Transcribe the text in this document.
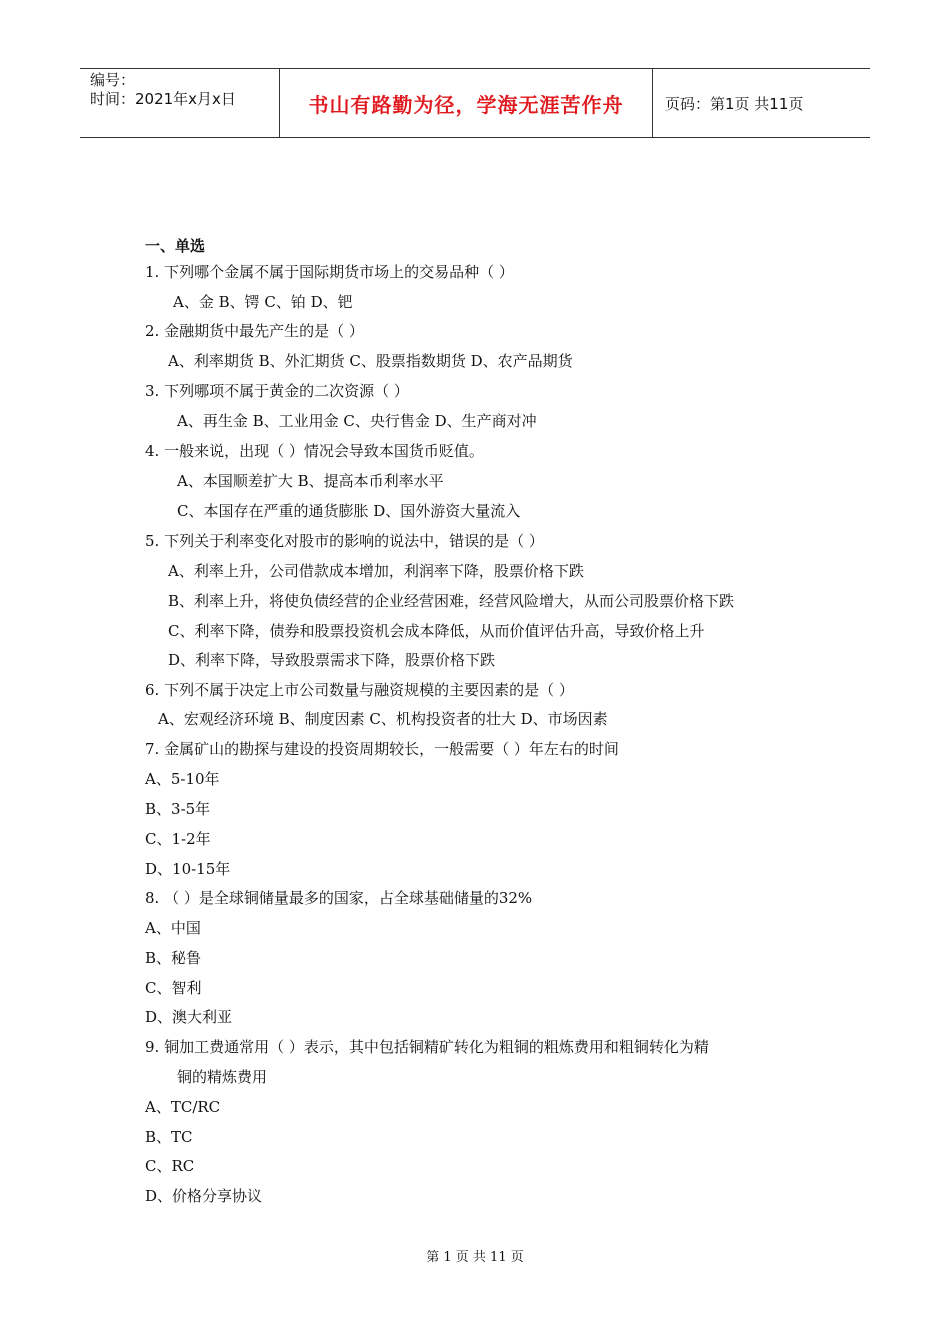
编号：
时间：2021年x月x日	书山有路勤为径，学海无涯苦作舟	页码：第1页 共11页
一、单选
1. 下列哪个金属不属于国际期货市场上的交易品种（ ）
A、金 B、锷 C、铂 D、钯
2. 金融期货中最先产生的是（ ）
A、利率期货 B、外汇期货 C、股票指数期货 D、农产品期货
3. 下列哪项不属于黄金的二次资源（ ）
A、再生金 B、工业用金 C、央行售金 D、生产商对冲
4. 一般来说，出现（ ）情况会导致本国货币贬值。
A、本国顺差扩大 B、提高本币利率水平
C、本国存在严重的通货膨胀 D、国外游资大量流入
5. 下列关于利率变化对股市的影响的说法中，错误的是（ ）
A、利率上升，公司借款成本增加，利润率下降，股票价格下跌
B、利率上升，将使负债经营的企业经营困难，经营风险增大，从而公司股票价格下跌
C、利率下降，债券和股票投资机会成本降低，从而价值评估升高，导致价格上升
D、利率下降，导致股票需求下降，股票价格下跌
6. 下列不属于决定上市公司数量与融资规模的主要因素的是（ ）
A、宏观经济环境 B、制度因素 C、机构投资者的壮大 D、市场因素
7. 金属矿山的勘探与建设的投资周期较长，一般需要（ ）年左右的时间
A、5-10年
B、3-5年
C、1-2年
D、10-15年
8. （ ）是全球铜储量最多的国家，占全球基础储量的32%
A、中国
B、秘鲁
C、智利
D、澳大利亚
9. 铜加工费通常用（ ）表示，其中包括铜精矿转化为粗铜的粗炼费用和粗铜转化为精
铜的精炼费用
A、TC/RC
B、TC
C、RC
D、价格分享协议
第 1 页 共 11 页
